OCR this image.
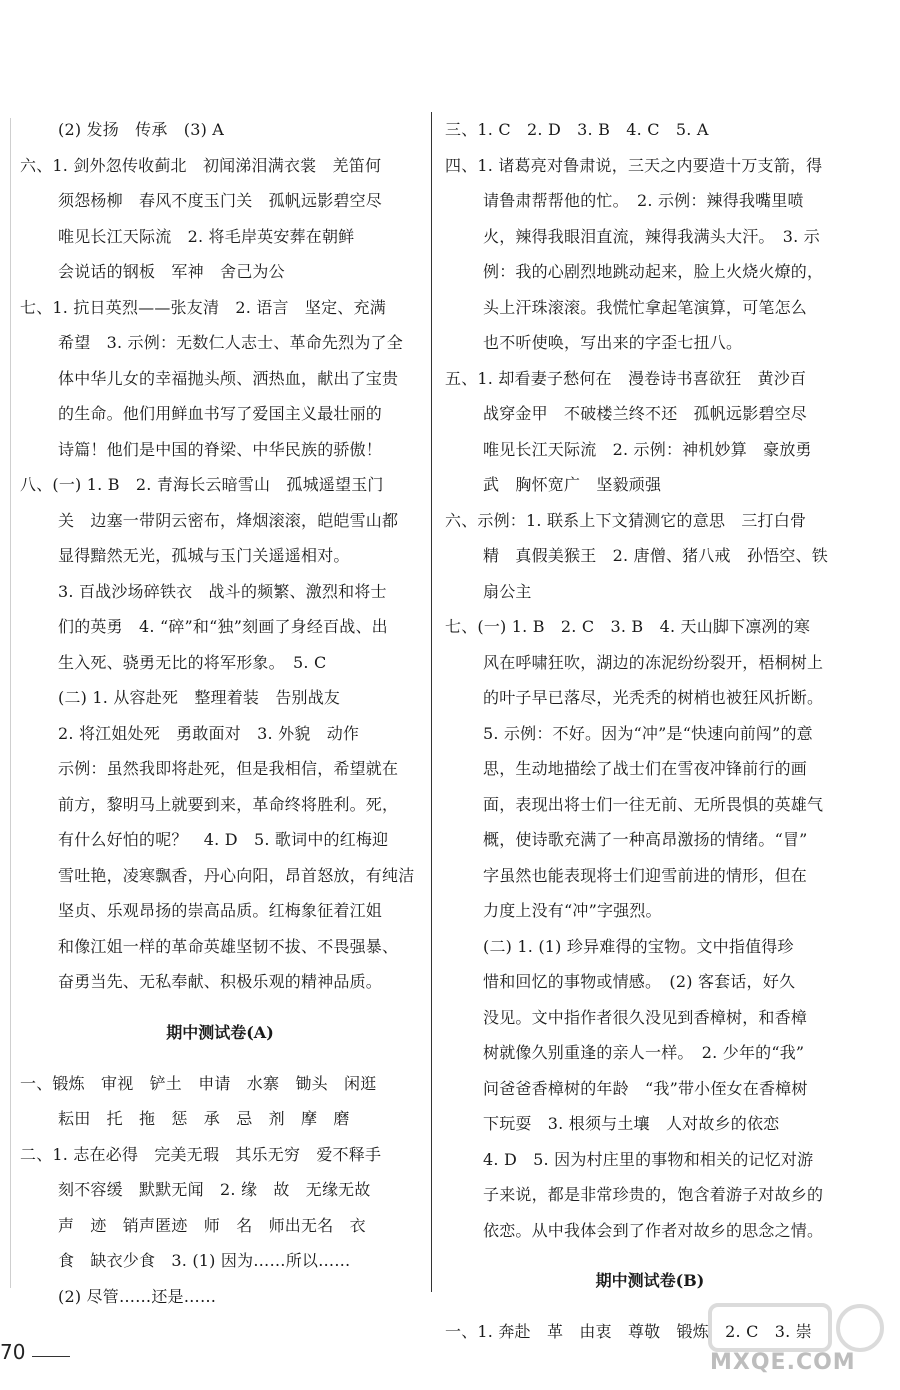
(2) 发扬　传承　(3) A
六、1. 剑外忽传收蓟北　初闻涕泪满衣裳　羌笛何
须怨杨柳　春风不度玉门关　孤帆远影碧空尽
唯见长江天际流　2. 将毛岸英安葬在朝鲜
会说话的钢板　军神　舍己为公
七、1. 抗日英烈——张友清　2. 语言　坚定、充满
希望　3. 示例：无数仁人志士、革命先烈为了全
体中华儿女的幸福抛头颅、洒热血，献出了宝贵
的生命。他们用鲜血书写了爱国主义最壮丽的
诗篇！他们是中国的脊梁、中华民族的骄傲！
八、(一) 1. B　2. 青海长云暗雪山　孤城遥望玉门
关　边塞一带阴云密布，烽烟滚滚，皑皑雪山都
显得黯然无光，孤城与玉门关遥遥相对。
3. 百战沙场碎铁衣　战斗的频繁、激烈和将士
们的英勇　4. “碎”和“独”刻画了身经百战、出
生入死、骁勇无比的将军形象。　5. C
(二) 1. 从容赴死　整理着装　告别战友
2. 将江姐处死　勇敢面对　3. 外貌　动作
示例：虽然我即将赴死，但是我相信，希望就在
前方，黎明马上就要到来，革命终将胜利。死，
有什么好怕的呢？　4. D　5. 歌词中的红梅迎
雪吐艳，凌寒飘香，丹心向阳，昂首怒放，有纯洁
坚贞、乐观昂扬的崇高品质。红梅象征着江姐
和像江姐一样的革命英雄坚韧不拔、不畏强暴、
奋勇当先、无私奉献、积极乐观的精神品质。
期中测试卷(A)
一、锻炼　审视　铲土　申请　水寨　锄头　闲逛
耘田　托　拖　惩　承　忌　剂　摩　磨
二、1. 志在必得　完美无瑕　其乐无穷　爱不释手
刻不容缓　默默无闻　2. 缘　故　无缘无故
声　迹　销声匿迹　师　名　师出无名　衣
食　缺衣少食　3. (1) 因为……所以……
(2) 尽管……还是……
三、1. C　2. D　3. B　4. C　5. A
四、1. 诸葛亮对鲁肃说，三天之内要造十万支箭，得
请鲁肃帮帮他的忙。　2. 示例：辣得我嘴里喷
火，辣得我眼泪直流，辣得我满头大汗。　3. 示
例：我的心剧烈地跳动起来，脸上火烧火燎的，
头上汗珠滚滚。我慌忙拿起笔演算，可笔怎么
也不听使唤，写出来的字歪七扭八。
五、1. 却看妻子愁何在　漫卷诗书喜欲狂　黄沙百
战穿金甲　不破楼兰终不还　孤帆远影碧空尽
唯见长江天际流　2. 示例：神机妙算　豪放勇
武　胸怀宽广　坚毅顽强
六、示例：1. 联系上下文猜测它的意思　三打白骨
精　真假美猴王　2. 唐僧、猪八戒　孙悟空、铁
扇公主
七、(一) 1. B　2. C　3. B　4. 天山脚下凛冽的寒
风在呼啸狂吹，湖边的冻泥纷纷裂开，梧桐树上
的叶子早已落尽，光秃秃的树梢也被狂风折断。
5. 示例：不好。因为“冲”是“快速向前闯”的意
思，生动地描绘了战士们在雪夜冲锋前行的画
面，表现出将士们一往无前、无所畏惧的英雄气
概，使诗歌充满了一种高昂激扬的情绪。“冒”
字虽然也能表现将士们迎雪前进的情形，但在
力度上没有“冲”字强烈。
(二) 1. (1) 珍异难得的宝物。文中指值得珍
惜和回忆的事物或情感。　(2) 客套话，好久
没见。文中指作者很久没见到香樟树，和香樟
树就像久别重逢的亲人一样。　2. 少年的“我”
问爸爸香樟树的年龄　“我”带小侄女在香樟树
下玩耍　3. 根须与土壤　人对故乡的依恋
4. D　5. 因为村庄里的事物和相关的记忆对游
子来说，都是非常珍贵的，饱含着游子对故乡的
依恋。从中我体会到了作者对故乡的思念之情。
期中测试卷(B)
一、1. 奔赴　革　由衷　尊敬　锻炼　2. C　3. 崇
70	MXQE.COM
